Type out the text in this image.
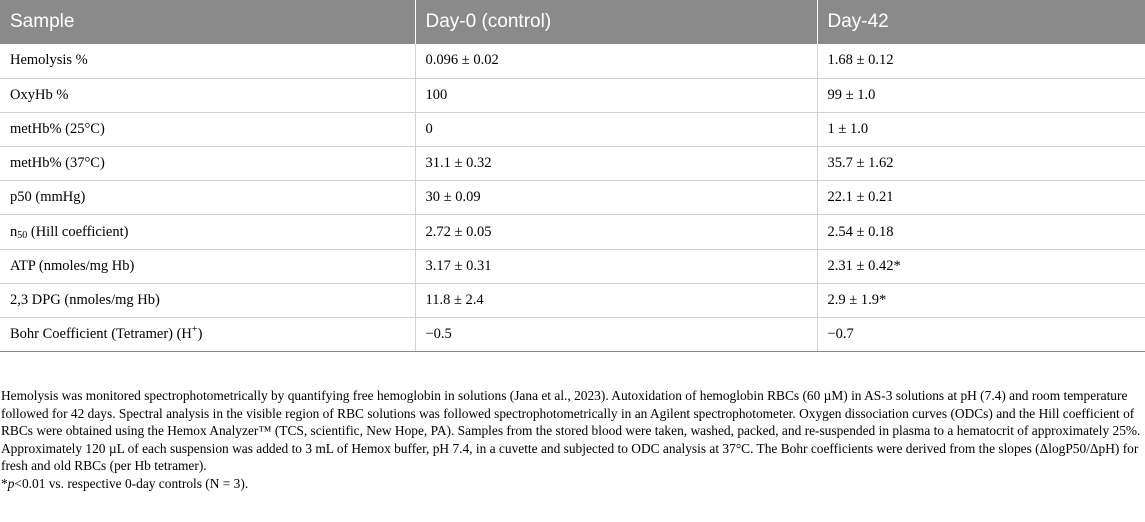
Sample	Day-0 (control)	Day-42
Hemolysis %	0.096 ± 0.02	1.68 ± 0.12
OxyHb %	100	99 ± 1.0
metHb% (25°C)	0	1 ± 1.0
metHb% (37°C)	31.1 ± 0.32	35.7 ± 1.62
p50 (mmHg)	30 ± 0.09	22.1 ± 0.21
$n_{50}$ (Hill coefficient)	2.72 ± 0.05	2.54 ± 0.18
ATP (nmoles/mg Hb)	3.17 ± 0.31	2.31 ± 0.42*
2,3 DPG (nmoles/mg Hb)	11.8 ± 2.4	2.9 ± 1.9*
Bohr Coefficient (Tetramer) (H+)	−0.5	−0.7

Hemolysis was monitored spectrophotometrically by quantifying free hemoglobin in solutions (Jana et al., 2023). Autoxidation of hemoglobin RBCs (60 µM) in AS-3 solutions at pH (7.4) and room temperature followed for 42 days. Spectral analysis in the visible region of RBC solutions was followed spectrophotometrically in an Agilent spectrophotometer. Oxygen dissociation curves (ODCs) and the Hill coefficient of RBCs were obtained using the Hemox Analyzer™ (TCS, scientific, New Hope, PA). Samples from the stored blood were taken, washed, packed, and re-suspended in plasma to a hematocrit of approximately 25%. Approximately 120 µL of each suspension was added to 3 mL of Hemox buffer, pH 7.4, in a cuvette and subjected to ODC analysis at 37°C. The Bohr coefficients were derived from the slopes (ΔlogP50/ΔpH) for fresh and old RBCs (per Hb tetramer).

*p<0.01 vs. respective 0-day controls (N = 3).
